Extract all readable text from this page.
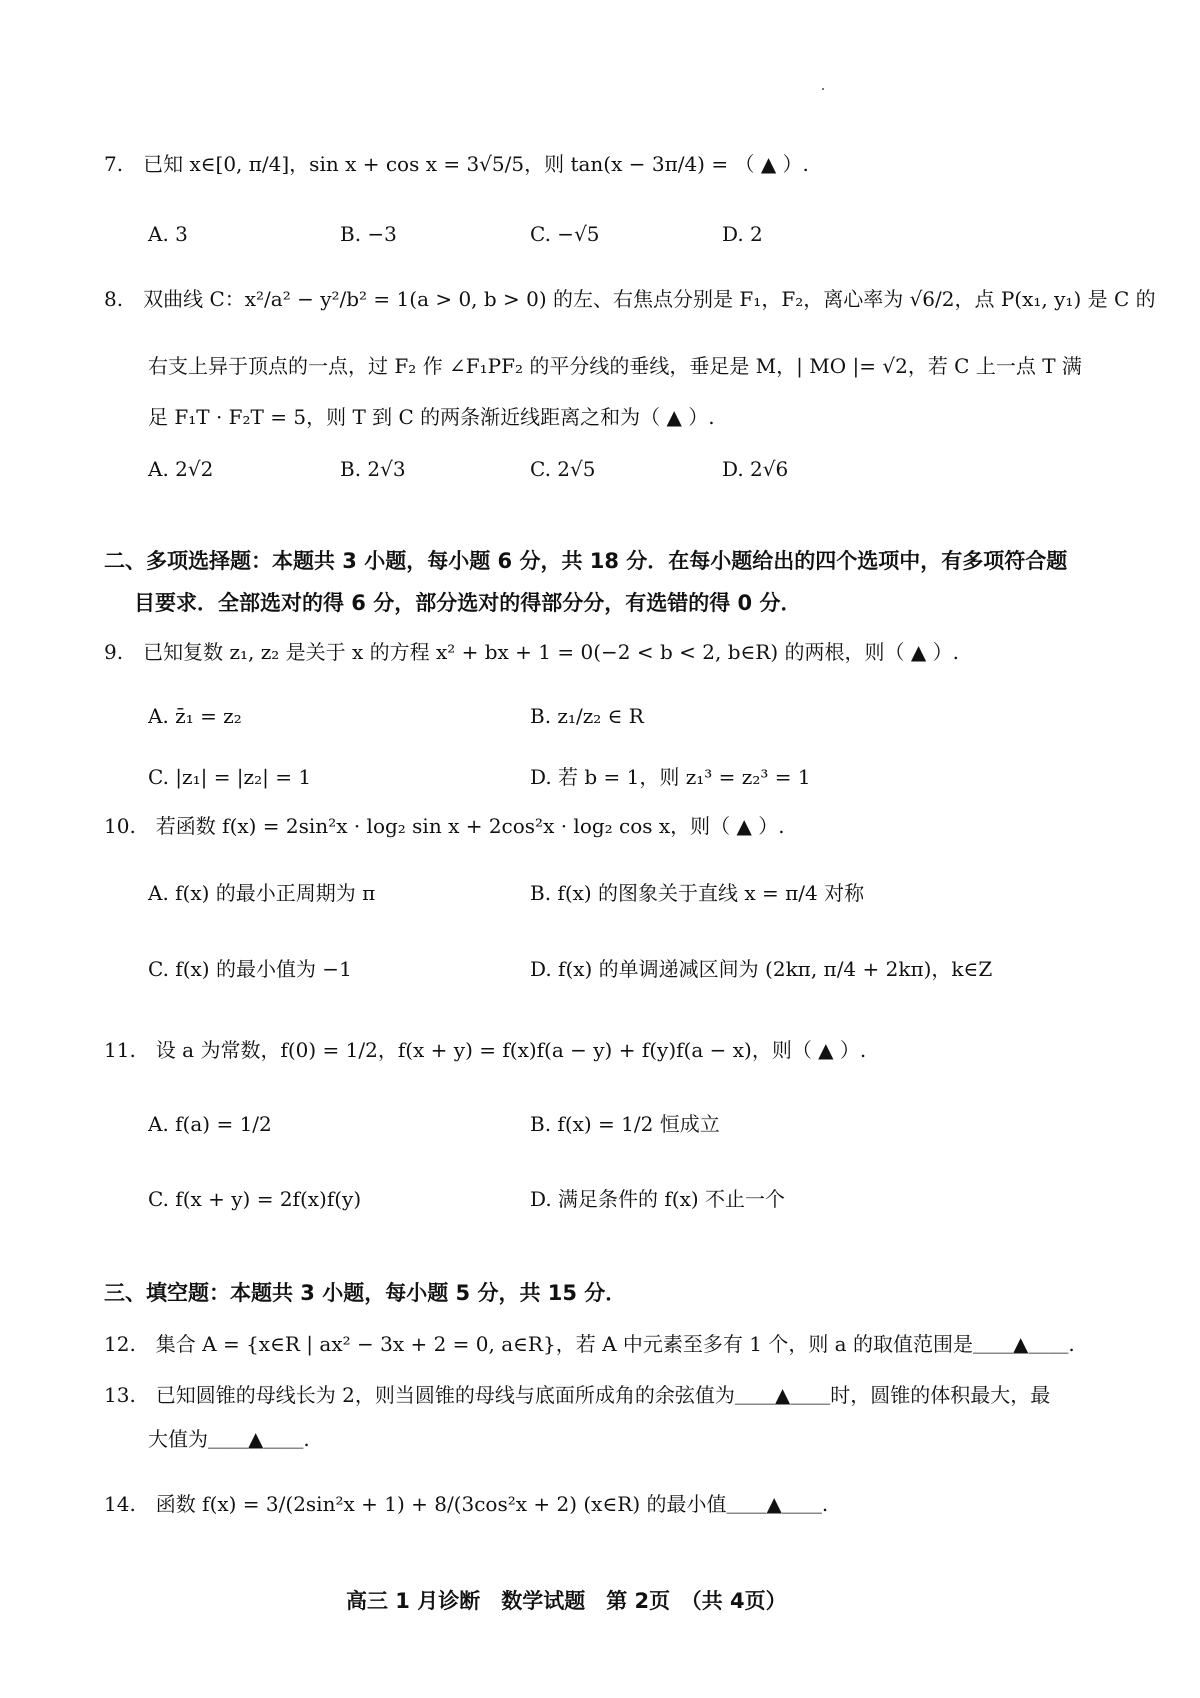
7.　已知 x∈[0, π/4]，sin x + cos x = 3√5/5，则 tan(x − 3π/4) = （ ▲ ）.
A. 3	B. −3	C. −√5	D. 2
8.　双曲线 C：x²/a² − y²/b² = 1(a > 0, b > 0) 的左、右焦点分别是 F₁，F₂，离心率为 √6/2，点 P(x₁, y₁) 是 C 的
右支上异于顶点的一点，过 F₂ 作 ∠F₁PF₂ 的平分线的垂线，垂足是 M，| MO |= √2，若 C 上一点 T 满
足 F₁T · F₂T = 5，则 T 到 C 的两条渐近线距离之和为（ ▲ ）.
A. 2√2	B. 2√3	C. 2√5	D. 2√6
二、多项选择题：本题共 3 小题，每小题 6 分，共 18 分．在每小题给出的四个选项中，有多项符合题
目要求．全部选对的得 6 分，部分选对的得部分分，有选错的得 0 分．
9.　已知复数 z₁, z₂ 是关于 x 的方程 x² + bx + 1 = 0(−2 < b < 2, b∈R) 的两根，则（ ▲ ）.
A. z̄₁ = z₂	B. z₁/z₂ ∈ R
C. |z₁| = |z₂| = 1	D. 若 b = 1，则 z₁³ = z₂³ = 1
10.　若函数 f(x) = 2sin²x · log₂ sin x + 2cos²x · log₂ cos x，则（ ▲ ）.
A. f(x) 的最小正周期为 π	B. f(x) 的图象关于直线 x = π/4 对称
C. f(x) 的最小值为 −1	D. f(x) 的单调递减区间为 (2kπ, π/4 + 2kπ)，k∈Z
11.　设 a 为常数，f(0) = 1/2，f(x + y) = f(x)f(a − y) + f(y)f(a − x)，则（ ▲ ）.
A. f(a) = 1/2	B. f(x) = 1/2 恒成立
C. f(x + y) = 2f(x)f(y)	D. 满足条件的 f(x) 不止一个
三、填空题：本题共 3 小题，每小题 5 分，共 15 分．
12.　集合 A = {x∈R | ax² − 3x + 2 = 0, a∈R}，若 A 中元素至多有 1 个，则 a 的取值范围是＿＿▲＿＿.
13.　已知圆锥的母线长为 2，则当圆锥的母线与底面所成角的余弦值为＿＿▲＿＿时，圆锥的体积最大，最
大值为＿＿▲＿＿.
14.　函数 f(x) = 3/(2sin²x + 1) + 8/(3cos²x + 2) (x∈R) 的最小值＿＿▲＿＿.
高三 1 月诊断　数学试题　第 2页　（共 4页）
